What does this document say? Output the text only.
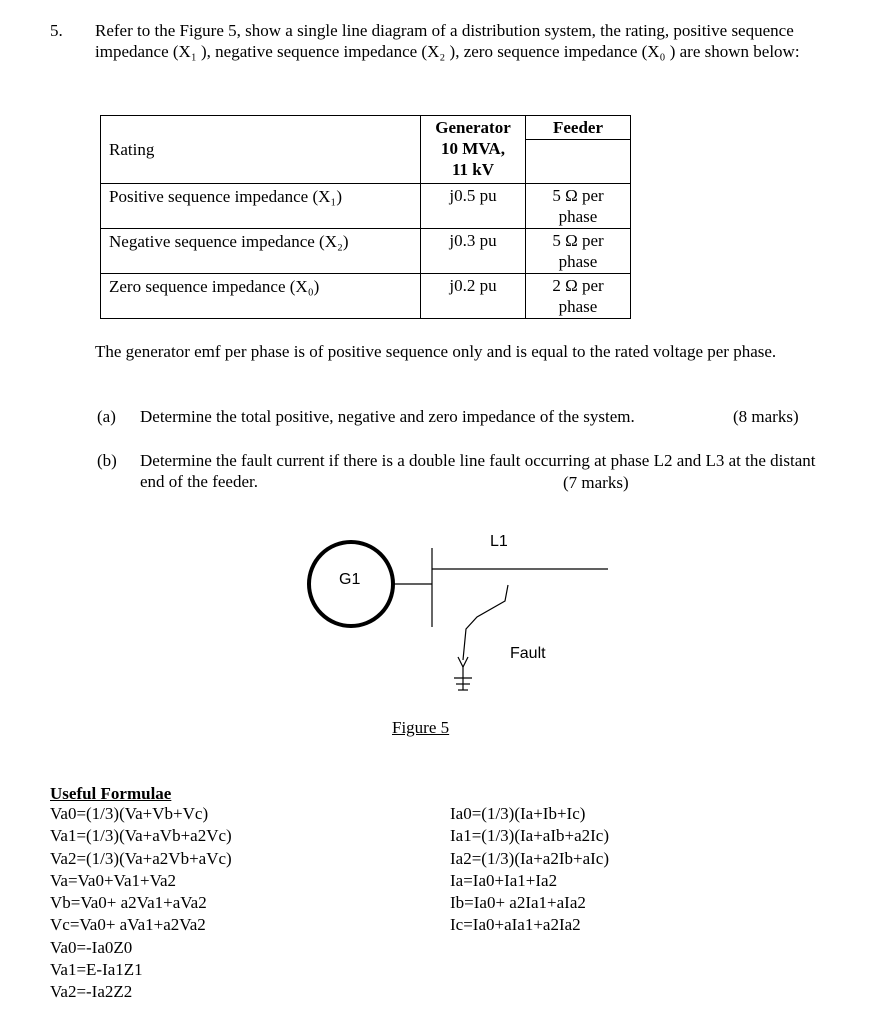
5. Refer to the Figure 5, show a single line diagram of a distribution system, the rating, positive sequence impedance (X₁ ), negative sequence impedance (X₂ ), zero sequence impedance (X₀ ) are shown below:
Rating	Generator
10 MVA,
11 kV	Feeder

Positive sequence impedance (X₁)	j0.5 pu	5 Ω per
phase

Negative sequence impedance (X₂)	j0.3 pu	5 Ω per
phase

Zero sequence impedance (X₀)	j0.2 pu	2 Ω per
phase
The generator emf per phase is of positive sequence only and is equal to the rated voltage per phase.
(a) Determine the total positive, negative and zero impedance of the system.	(8 marks)
(b) Determine the fault current if there is a double line fault occurring at phase L2 and L3 at the distant end of the feeder.	(7 marks)
G1
L1
Fault
Figure 5
Useful Formulae
Va0=(1/3)(Va+Vb+Vc)
Va1=(1/3)(Va+aVb+a2Vc)
Va2=(1/3)(Va+a2Vb+aVc)
Va=Va0+Va1+Va2
Vb=Va0+ a2Va1+aVa2
Vc=Va0+ aVa1+a2Va2
Va0=-Ia0Z0
Va1=E-Ia1Z1
Va2=-Ia2Z2
Ia0=(1/3)(Ia+Ib+Ic)
Ia1=(1/3)(Ia+aIb+a2Ic)
Ia2=(1/3)(Ia+a2Ib+aIc)
Ia=Ia0+Ia1+Ia2
Ib=Ia0+ a2Ia1+aIa2
Ic=Ia0+aIa1+a2Ia2
